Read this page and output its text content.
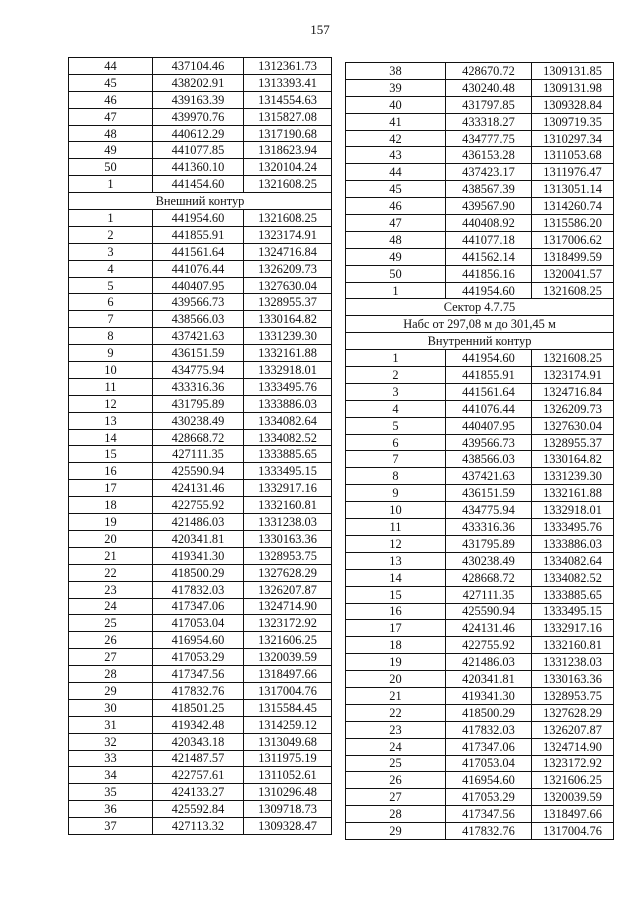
157
44	437104.46	1312361.73
45	438202.91	1313393.41
46	439163.39	1314554.63
47	439970.76	1315827.08
48	440612.29	1317190.68
49	441077.85	1318623.94
50	441360.10	1320104.24
1	441454.60	1321608.25
Внешний контур		
1	441954.60	1321608.25
2	441855.91	1323174.91
3	441561.64	1324716.84
4	441076.44	1326209.73
5	440407.95	1327630.04
6	439566.73	1328955.37
7	438566.03	1330164.82
8	437421.63	1331239.30
9	436151.59	1332161.88
10	434775.94	1332918.01
11	433316.36	1333495.76
12	431795.89	1333886.03
13	430238.49	1334082.64
14	428668.72	1334082.52
15	427111.35	1333885.65
16	425590.94	1333495.15
17	424131.46	1332917.16
18	422755.92	1332160.81
19	421486.03	1331238.03
20	420341.81	1330163.36
21	419341.30	1328953.75
22	418500.29	1327628.29
23	417832.03	1326207.87
24	417347.06	1324714.90
25	417053.04	1323172.92
26	416954.60	1321606.25
27	417053.29	1320039.59
28	417347.56	1318497.66
29	417832.76	1317004.76
30	418501.25	1315584.45
31	419342.48	1314259.12
32	420343.18	1313049.68
33	421487.57	1311975.19
34	422757.61	1311052.61
35	424133.27	1310296.48
36	425592.84	1309718.73
37	427113.32	1309328.47
38	428670.72	1309131.85
39	430240.48	1309131.98
40	431797.85	1309328.84
41	433318.27	1309719.35
42	434777.75	1310297.34
43	436153.28	1311053.68
44	437423.17	1311976.47
45	438567.39	1313051.14
46	439567.90	1314260.74
47	440408.92	1315586.20
48	441077.18	1317006.62
49	441562.14	1318499.59
50	441856.16	1320041.57
1	441954.60	1321608.25
Сектор 4.7.75		
Набс от 297,08 м до 301,45 м		
Внутренний контур		
1	441954.60	1321608.25
2	441855.91	1323174.91
3	441561.64	1324716.84
4	441076.44	1326209.73
5	440407.95	1327630.04
6	439566.73	1328955.37
7	438566.03	1330164.82
8	437421.63	1331239.30
9	436151.59	1332161.88
10	434775.94	1332918.01
11	433316.36	1333495.76
12	431795.89	1333886.03
13	430238.49	1334082.64
14	428668.72	1334082.52
15	427111.35	1333885.65
16	425590.94	1333495.15
17	424131.46	1332917.16
18	422755.92	1332160.81
19	421486.03	1331238.03
20	420341.81	1330163.36
21	419341.30	1328953.75
22	418500.29	1327628.29
23	417832.03	1326207.87
24	417347.06	1324714.90
25	417053.04	1323172.92
26	416954.60	1321606.25
27	417053.29	1320039.59
28	417347.56	1318497.66
29	417832.76	1317004.76
